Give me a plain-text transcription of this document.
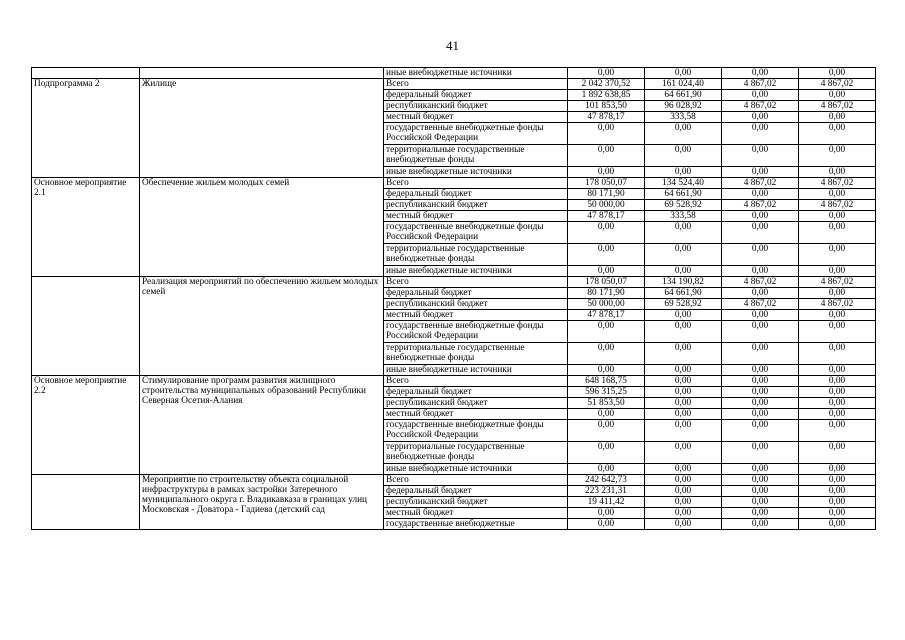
41
		иные внебюджетные источники	0,00	0,00	0,00	0,00
Подпрограмма 2	Жилище	Всего	2 042 370,52	161 024,40	4 867,02	4 867,02
		федеральный бюджет	1 892 638,85	64 661,90	0,00	0,00
		республиканский бюджет	101 853,50	96 028,92	4 867,02	4 867,02
		местный бюджет	47 878,17	333,58	0,00	0,00
		государственные внебюджетные фонды Российской Федерации	0,00	0,00	0,00	0,00
		территориальные государственные внебюджетные фонды	0,00	0,00	0,00	0,00
		иные внебюджетные источники	0,00	0,00	0,00	0,00
Основное мероприятие 2.1	Обеспечение жильем молодых семей	Всего	178 050,07	134 524,40	4 867,02	4 867,02
		федеральный бюджет	80 171,90	64 661,90	0,00	0,00
		республиканский бюджет	50 000,00	69 528,92	4 867,02	4 867,02
		местный бюджет	47 878,17	333,58	0,00	0,00
		государственные внебюджетные фонды Российской Федерации	0,00	0,00	0,00	0,00
		территориальные государственные внебюджетные фонды	0,00	0,00	0,00	0,00
		иные внебюджетные источники	0,00	0,00	0,00	0,00
	Реализация мероприятий по обеспечению жильем молодых семей	Всего	178 050,07	134 190,82	4 867,02	4 867,02
		федеральный бюджет	80 171,90	64 661,90	0,00	0,00
		республиканский бюджет	50 000,00	69 528,92	4 867,02	4 867,02
		местный бюджет	47 878,17	0,00	0,00	0,00
		государственные внебюджетные фонды Российской Федерации	0,00	0,00	0,00	0,00
		территориальные государственные внебюджетные фонды	0,00	0,00	0,00	0,00
		иные внебюджетные источники	0,00	0,00	0,00	0,00
Основное мероприятие 2.2	Стимулирование программ развития жилищного строительства муниципальных образований Республики Северная Осетия-Алания	Всего	648 168,75	0,00	0,00	0,00
		федеральный бюджет	596 315,25	0,00	0,00	0,00
		республиканский бюджет	51 853,50	0,00	0,00	0,00
		местный бюджет	0,00	0,00	0,00	0,00
		государственные внебюджетные фонды Российской Федерации	0,00	0,00	0,00	0,00
		территориальные государственные внебюджетные фонды	0,00	0,00	0,00	0,00
		иные внебюджетные источники	0,00	0,00	0,00	0,00
	Мероприятие по строительству объекта социальной инфраструктуры в рамках застройки Затеречного муниципального округа г. Владикавказа в границах улиц Московская - Доватора - Гадиева (детский сад	Всего	242 642,73	0,00	0,00	0,00
		федеральный бюджет	223 231,31	0,00	0,00	0,00
		республиканский бюджет	19 411,42	0,00	0,00	0,00
		местный бюджет	0,00	0,00	0,00	0,00
		государственные внебюджетные	0,00	0,00	0,00	0,00
